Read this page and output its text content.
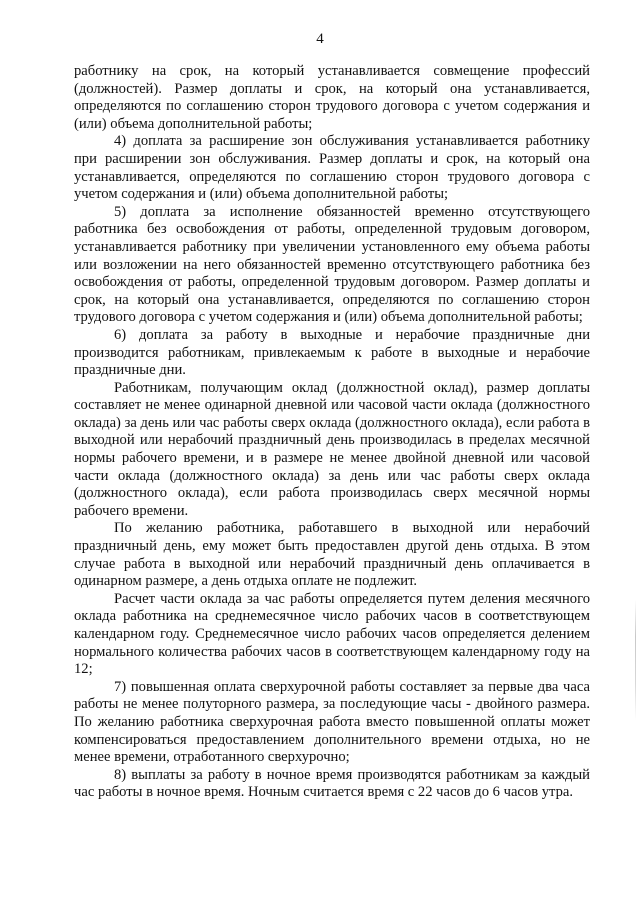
4

работнику на срок, на который устанавливается совмещение профессий (должностей). Размер доплаты и срок, на который она устанавливается, определяются по соглашению сторон трудового договора с учетом содержания и (или) объема дополнительной работы;

4) доплата за расширение зон обслуживания устанавливается работнику при расширении зон обслуживания. Размер доплаты и срок, на который она устанавливается, определяются по соглашению сторон трудового договора с учетом содержания и (или) объема дополнительной работы;

5) доплата за исполнение обязанностей временно отсутствующего работника без освобождения от работы, определенной трудовым договором, устанавливается работнику при увеличении установленного ему объема работы или возложении на него обязанностей временно отсутствующего работника без освобождения от работы, определенной трудовым договором. Размер доплаты и срок, на который она устанавливается, определяются по соглашению сторон трудового договора с учетом содержания и (или) объема дополнительной работы;

6) доплата за работу в выходные и нерабочие праздничные дни производится работникам, привлекаемым к работе в выходные и нерабочие праздничные дни.

Работникам, получающим оклад (должностной оклад), размер доплаты составляет не менее одинарной дневной или часовой части оклада (должностного оклада) за день или час работы сверх оклада (должностного оклада), если работа в выходной или нерабочий праздничный день производилась в пределах месячной нормы рабочего времени, и в размере не менее двойной дневной или часовой части оклада (должностного оклада) за день или час работы сверх оклада (должностного оклада), если работа производилась сверх месячной нормы рабочего времени.

По желанию работника, работавшего в выходной или нерабочий праздничный день, ему может быть предоставлен другой день отдыха. В этом случае работа в выходной или нерабочий праздничный день оплачивается в одинарном размере, а день отдыха оплате не подлежит.

Расчет части оклада за час работы определяется путем деления месячного оклада работника на среднемесячное число рабочих часов в соответствующем календарном году. Среднемесячное число рабочих часов определяется делением нормального количества рабочих часов в соответствующем календарному году на 12;

7) повышенная оплата сверхурочной работы составляет за первые два часа работы не менее полуторного размера, за последующие часы - двойного размера. По желанию работника сверхурочная работа вместо повышенной оплаты может компенсироваться предоставлением дополнительного времени отдыха, но не менее времени, отработанного сверхурочно;

8) выплаты за работу в ночное время производятся работникам за каждый час работы в ночное время. Ночным считается время с 22 часов до 6 часов утра.
